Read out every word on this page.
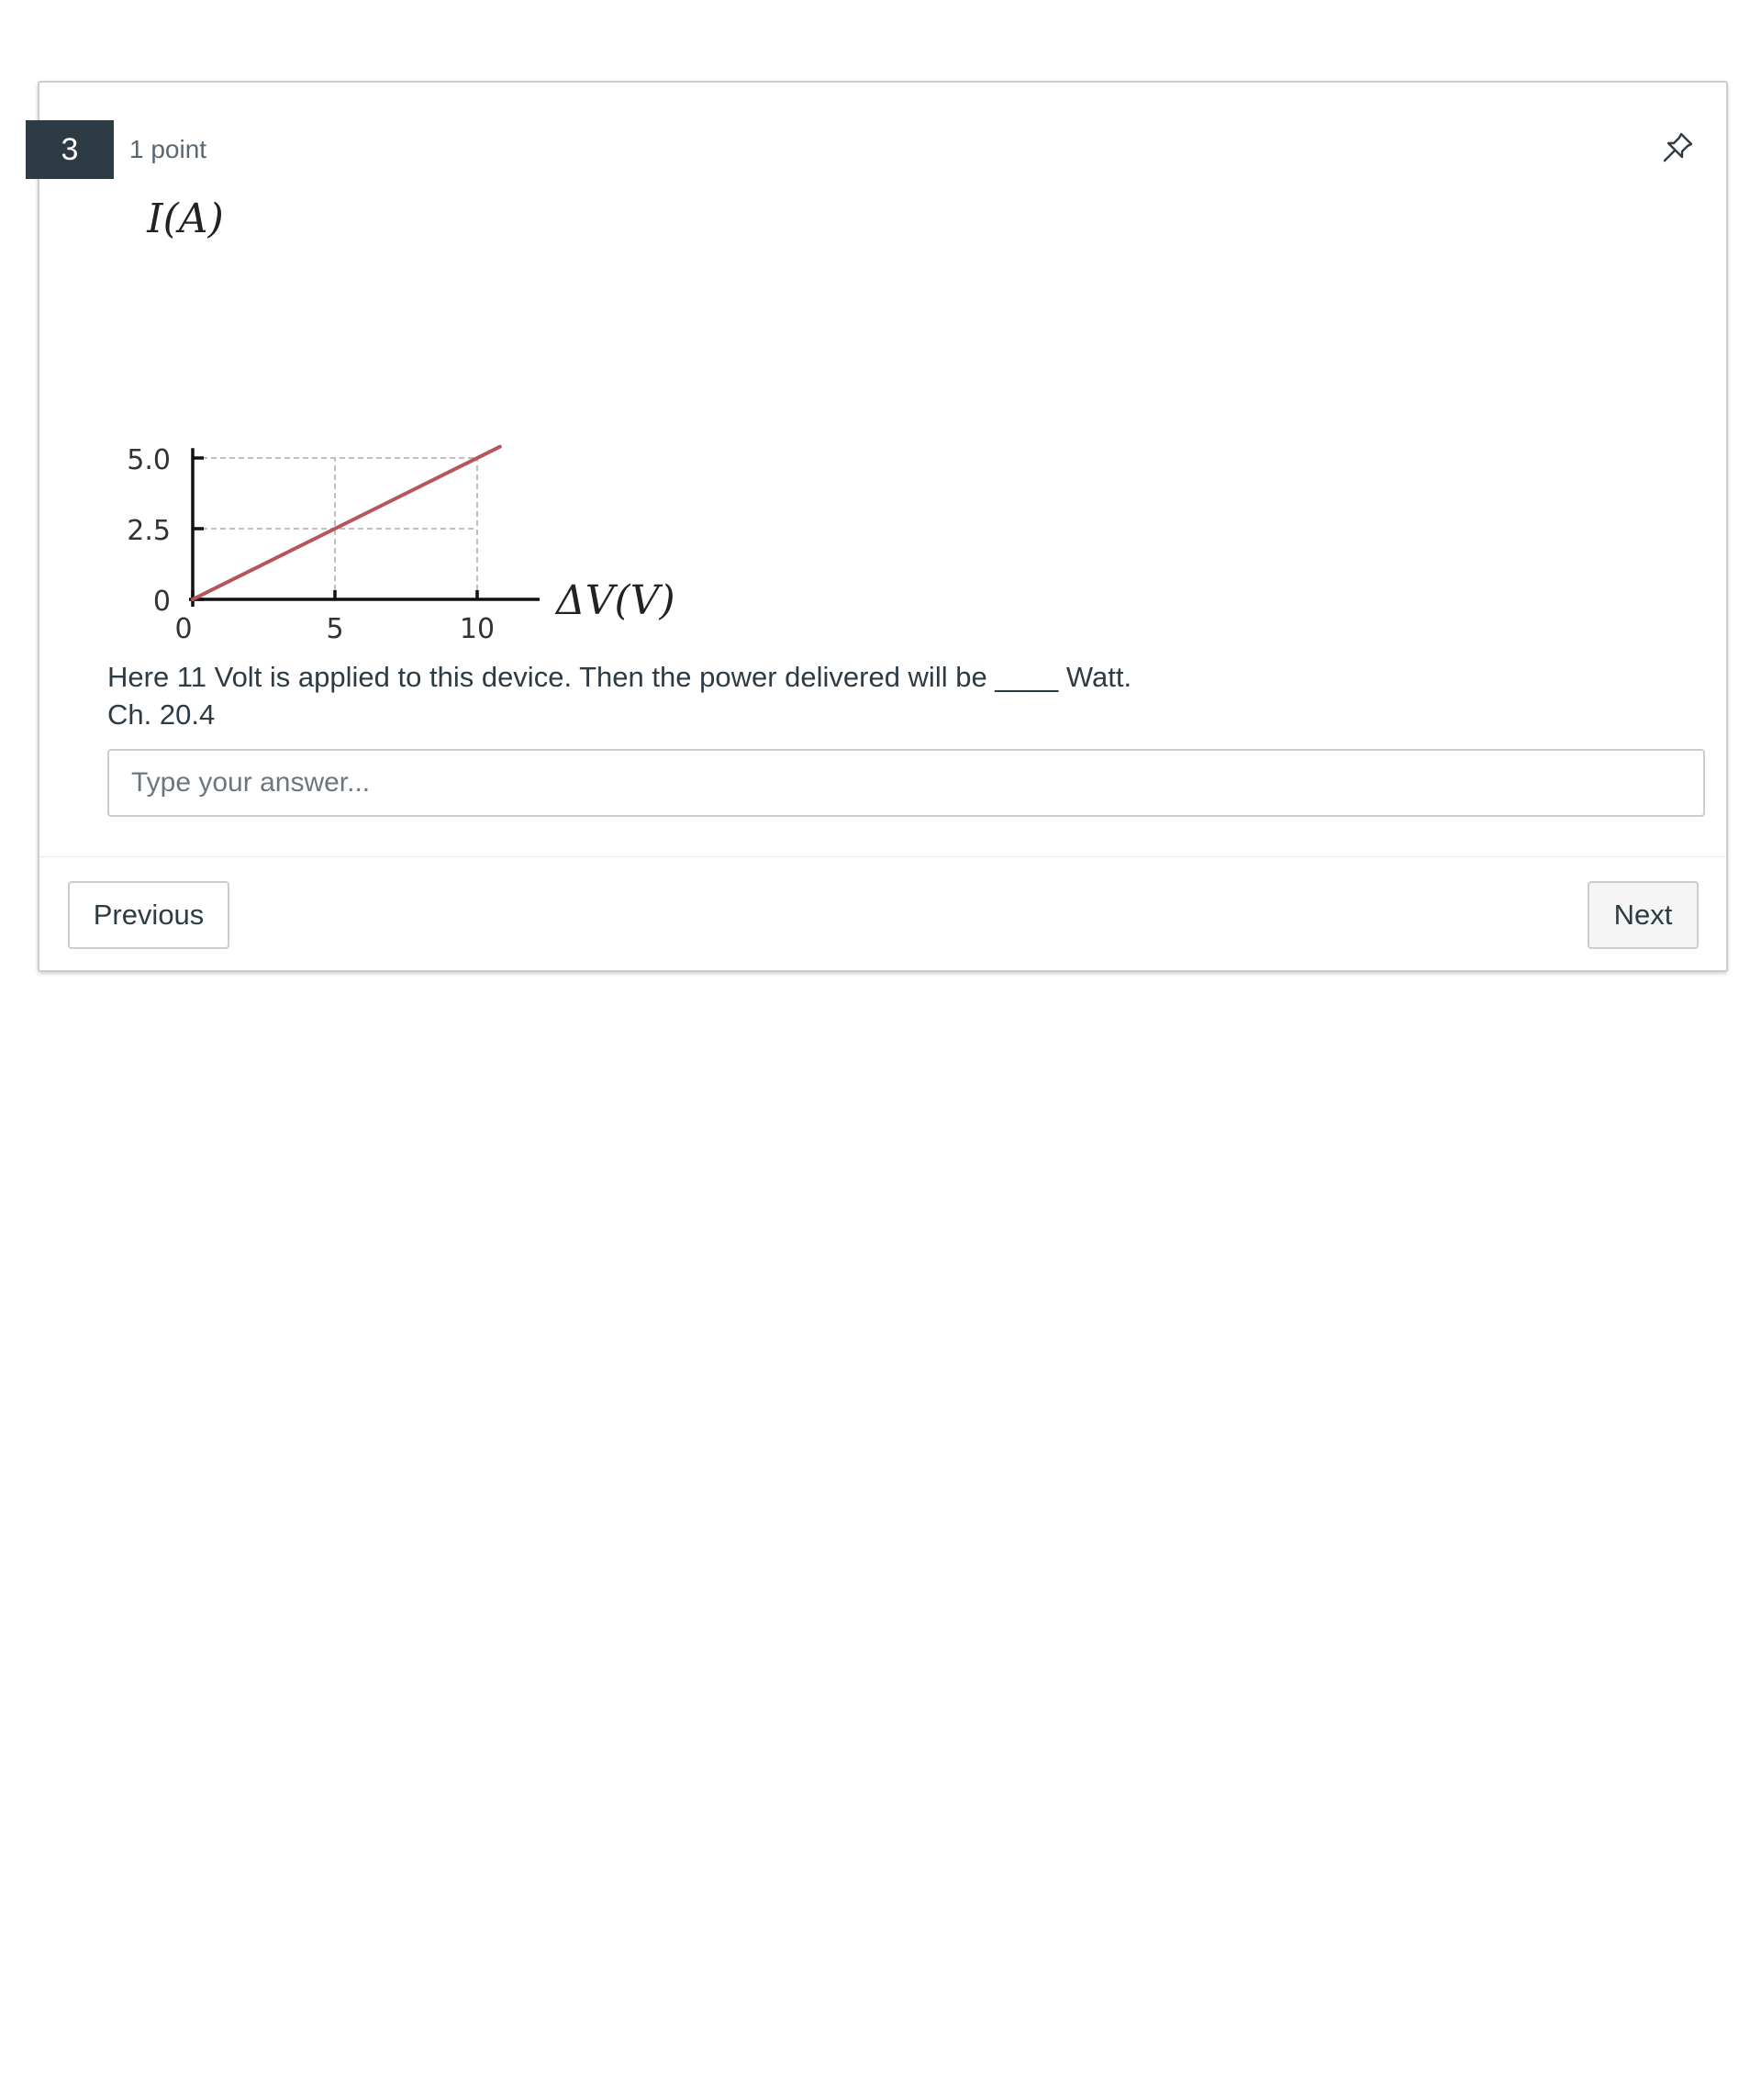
3	1 point
0
2.5
5.0
0	5	10
I(A)
ΔV(V)
Here 11 Volt is applied to this device. Then the power delivered will be ____ Watt.
Ch. 20.4
Type your answer...
Previous	Next
